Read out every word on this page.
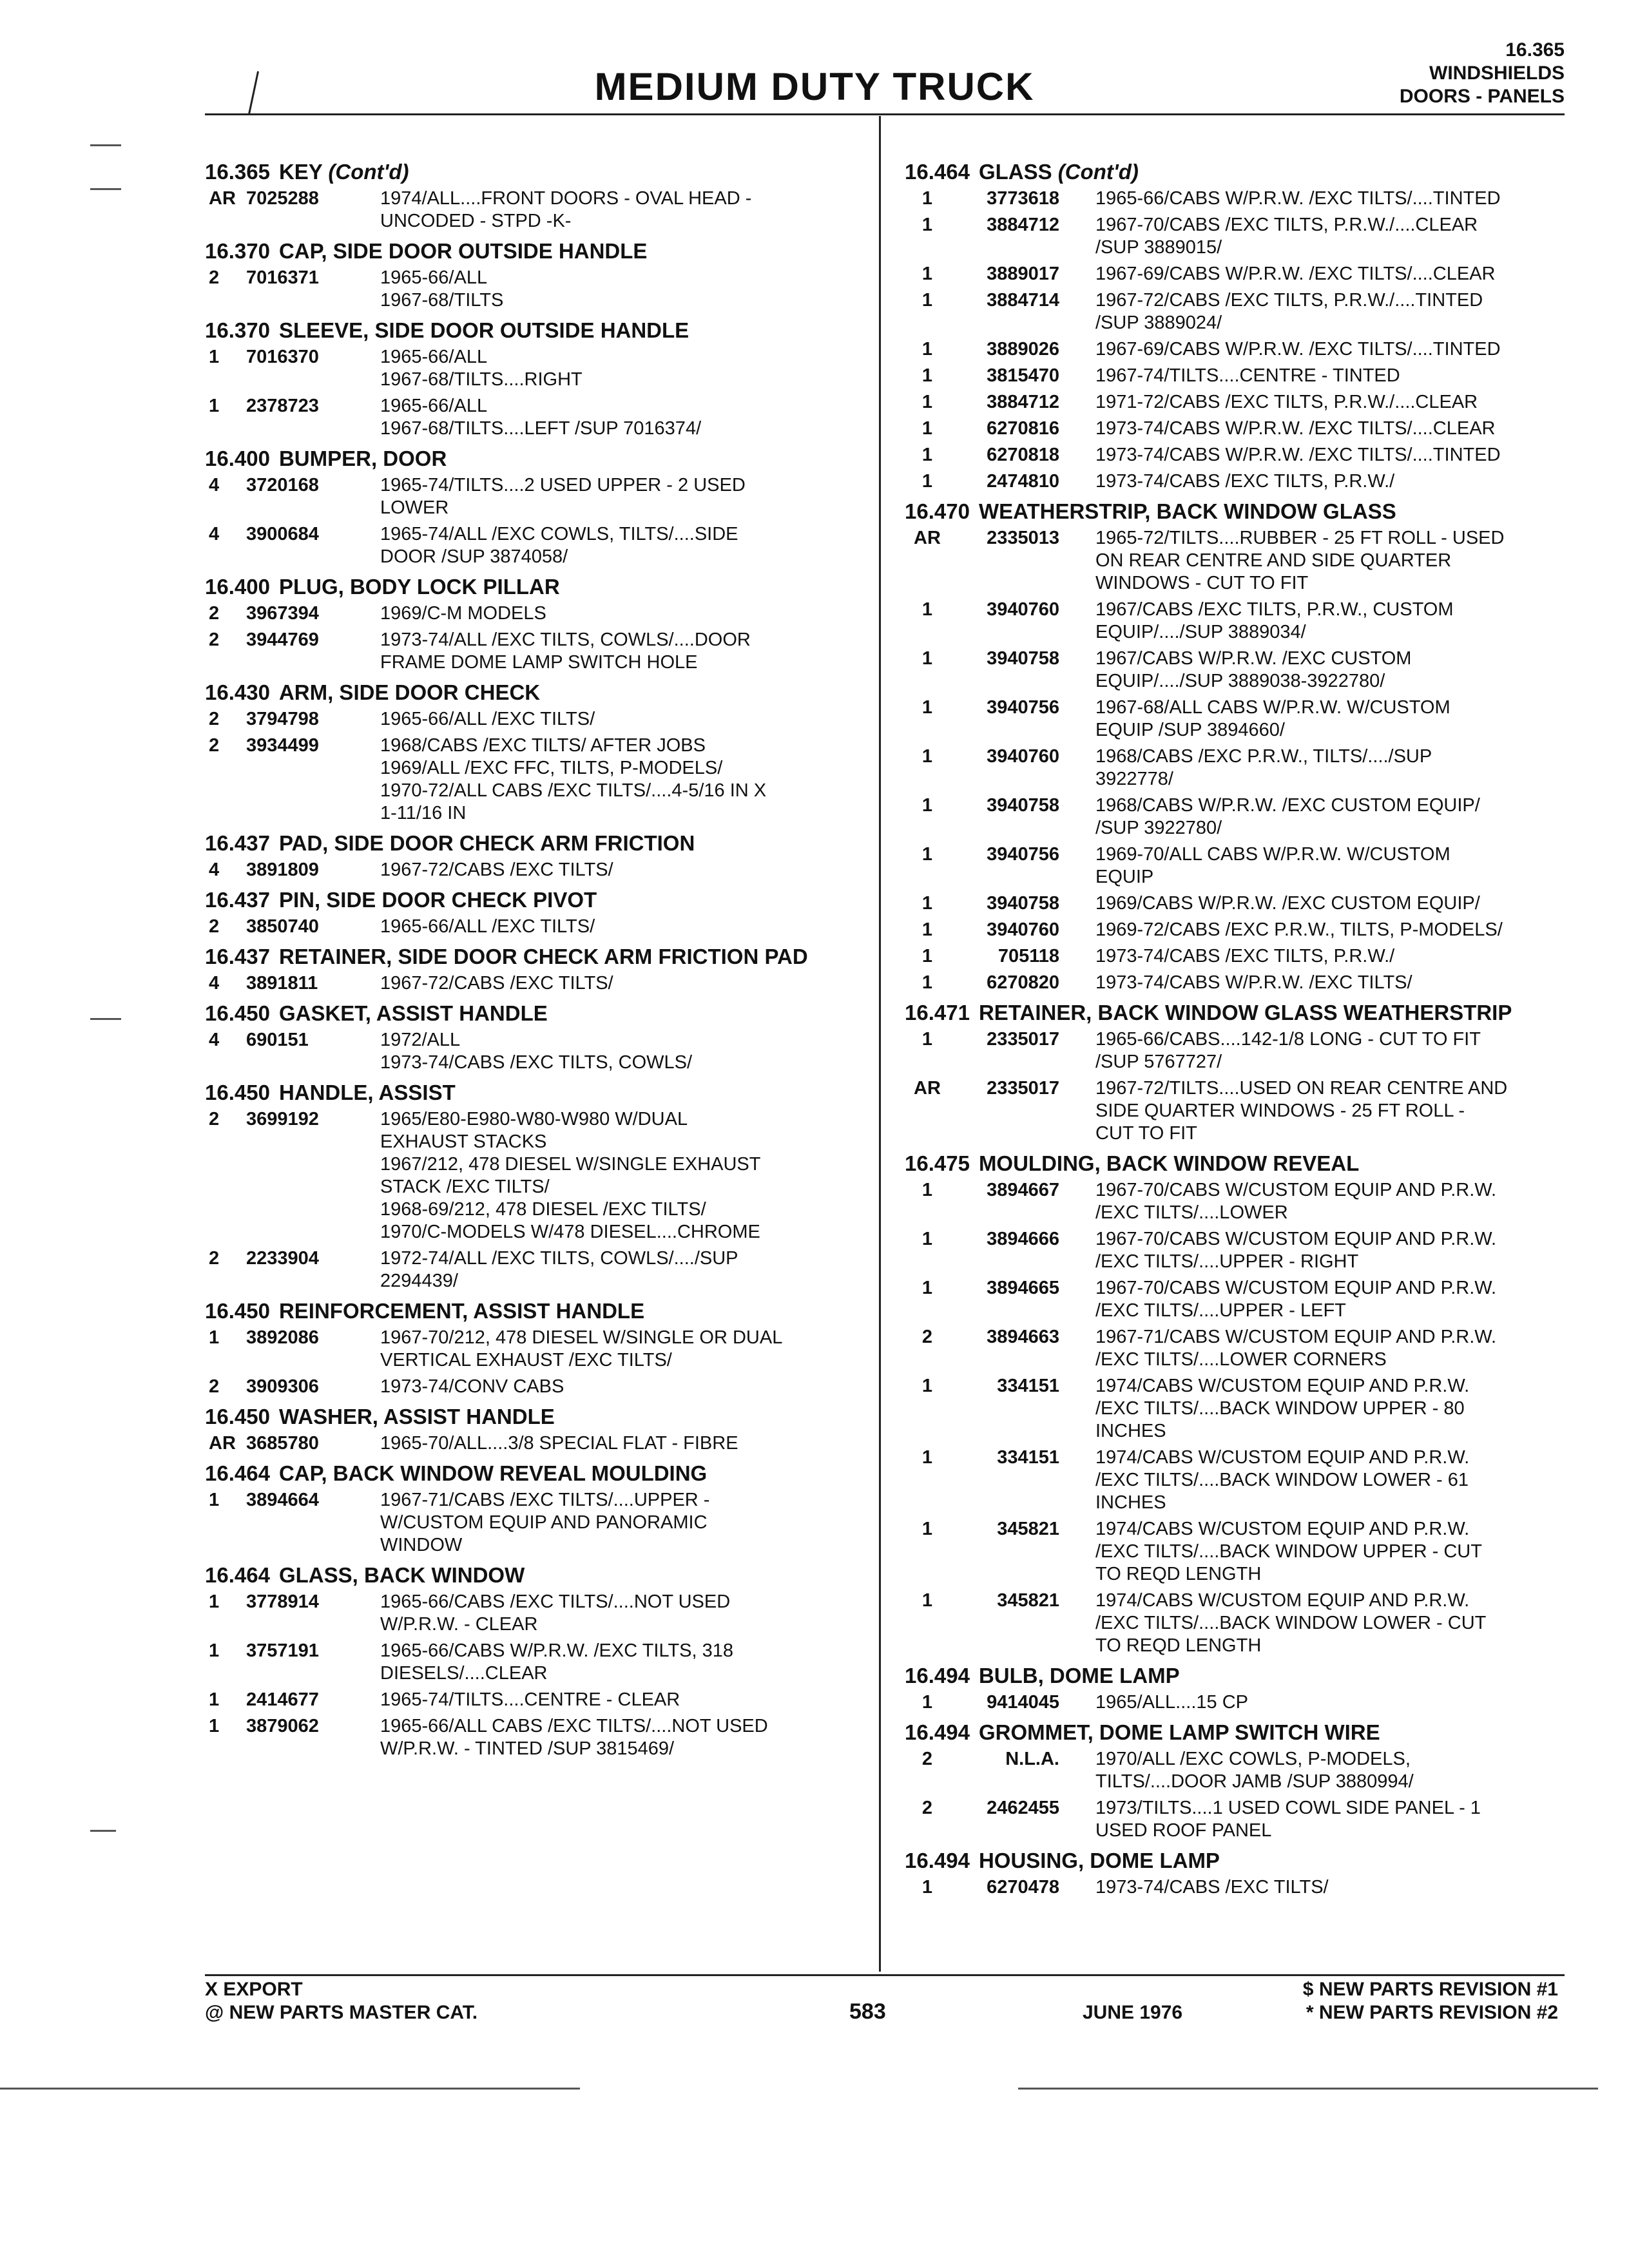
MEDIUM DUTY TRUCK
16.365
WINDSHIELDS
DOORS - PANELS
16.365 KEY (Cont'd)
AR 7025288	1974/ALL....FRONT DOORS - OVAL HEAD -
UNCODED - STPD -K-
16.370 CAP, SIDE DOOR OUTSIDE HANDLE
2	7016371	1965-66/ALL
1967-68/TILTS
16.370 SLEEVE, SIDE DOOR OUTSIDE HANDLE
1	7016370	1965-66/ALL
1967-68/TILTS....RIGHT
1	2378723	1965-66/ALL
1967-68/TILTS....LEFT /SUP 7016374/
16.400 BUMPER, DOOR
4	3720168	1965-74/TILTS....2 USED UPPER - 2 USED
LOWER
4	3900684	1965-74/ALL /EXC COWLS, TILTS/....SIDE
DOOR /SUP 3874058/
16.400 PLUG, BODY LOCK PILLAR
2	3967394	1969/C-M MODELS
2	3944769	1973-74/ALL /EXC TILTS, COWLS/....DOOR
FRAME DOME LAMP SWITCH HOLE
16.430 ARM, SIDE DOOR CHECK
2	3794798	1965-66/ALL /EXC TILTS/
2	3934499	1968/CABS /EXC TILTS/ AFTER JOBS
1969/ALL /EXC FFC, TILTS, P-MODELS/
1970-72/ALL CABS /EXC TILTS/....4-5/16 IN X
1-11/16 IN
16.437 PAD, SIDE DOOR CHECK ARM FRICTION
4	3891809	1967-72/CABS /EXC TILTS/
16.437 PIN, SIDE DOOR CHECK PIVOT
2	3850740	1965-66/ALL /EXC TILTS/
16.437 RETAINER, SIDE DOOR CHECK ARM FRICTION PAD
4	3891811	1967-72/CABS /EXC TILTS/
16.450 GASKET, ASSIST HANDLE
4	690151	1972/ALL
1973-74/CABS /EXC TILTS, COWLS/
16.450 HANDLE, ASSIST
2	3699192	1965/E80-E980-W80-W980 W/DUAL
EXHAUST STACKS
1967/212, 478 DIESEL W/SINGLE EXHAUST
STACK /EXC TILTS/
1968-69/212, 478 DIESEL /EXC TILTS/
1970/C-MODELS W/478 DIESEL....CHROME
2	2233904	1972-74/ALL /EXC TILTS, COWLS/..../SUP
2294439/
16.450 REINFORCEMENT, ASSIST HANDLE
1	3892086	1967-70/212, 478 DIESEL W/SINGLE OR DUAL
VERTICAL EXHAUST /EXC TILTS/
2	3909306	1973-74/CONV CABS
16.450 WASHER, ASSIST HANDLE
AR 3685780	1965-70/ALL....3/8 SPECIAL FLAT - FIBRE
16.464 CAP, BACK WINDOW REVEAL MOULDING
1	3894664	1967-71/CABS /EXC TILTS/....UPPER -
W/CUSTOM EQUIP AND PANORAMIC
WINDOW
16.464 GLASS, BACK WINDOW
1	3778914	1965-66/CABS /EXC TILTS/....NOT USED
W/P.R.W. - CLEAR
1	3757191	1965-66/CABS W/P.R.W. /EXC TILTS, 318
DIESELS/....CLEAR
1	2414677	1965-74/TILTS....CENTRE - CLEAR
1	3879062	1965-66/ALL CABS /EXC TILTS/....NOT USED
W/P.R.W. - TINTED /SUP 3815469/
16.464 GLASS (Cont'd)
1	3773618	1965-66/CABS W/P.R.W. /EXC TILTS/....TINTED
1	3884712	1967-70/CABS /EXC TILTS, P.R.W./....CLEAR
/SUP 3889015/
1	3889017	1967-69/CABS W/P.R.W. /EXC TILTS/....CLEAR
1	3884714	1967-72/CABS /EXC TILTS, P.R.W./....TINTED
/SUP 3889024/
1	3889026	1967-69/CABS W/P.R.W. /EXC TILTS/....TINTED
1	3815470	1967-74/TILTS....CENTRE - TINTED
1	3884712	1971-72/CABS /EXC TILTS, P.R.W./....CLEAR
1	6270816	1973-74/CABS W/P.R.W. /EXC TILTS/....CLEAR
1	6270818	1973-74/CABS W/P.R.W. /EXC TILTS/....TINTED
1	2474810	1973-74/CABS /EXC TILTS, P.R.W./
16.470 WEATHERSTRIP, BACK WINDOW GLASS
AR	2335013	1965-72/TILTS....RUBBER - 25 FT ROLL - USED
ON REAR CENTRE AND SIDE QUARTER
WINDOWS - CUT TO FIT
1	3940760	1967/CABS /EXC TILTS, P.R.W., CUSTOM
EQUIP/..../SUP 3889034/
1	3940758	1967/CABS W/P.R.W. /EXC CUSTOM
EQUIP/..../SUP 3889038-3922780/
1	3940756	1967-68/ALL CABS W/P.R.W. W/CUSTOM
EQUIP /SUP 3894660/
1	3940760	1968/CABS /EXC P.R.W., TILTS/..../SUP
3922778/
1	3940758	1968/CABS W/P.R.W. /EXC CUSTOM EQUIP/
/SUP 3922780/
1	3940756	1969-70/ALL CABS W/P.R.W. W/CUSTOM
EQUIP
1	3940758	1969/CABS W/P.R.W. /EXC CUSTOM EQUIP/
1	3940760	1969-72/CABS /EXC P.R.W., TILTS, P-MODELS/
1	705118	1973-74/CABS /EXC TILTS, P.R.W./
1	6270820	1973-74/CABS W/P.R.W. /EXC TILTS/
16.471 RETAINER, BACK WINDOW GLASS WEATHERSTRIP
1	2335017	1965-66/CABS....142-1/8 LONG - CUT TO FIT
/SUP 5767727/
AR	2335017	1967-72/TILTS....USED ON REAR CENTRE AND
SIDE QUARTER WINDOWS - 25 FT ROLL -
CUT TO FIT
16.475 MOULDING, BACK WINDOW REVEAL
1	3894667	1967-70/CABS W/CUSTOM EQUIP AND P.R.W.
/EXC TILTS/....LOWER
1	3894666	1967-70/CABS W/CUSTOM EQUIP AND P.R.W.
/EXC TILTS/....UPPER - RIGHT
1	3894665	1967-70/CABS W/CUSTOM EQUIP AND P.R.W.
/EXC TILTS/....UPPER - LEFT
2	3894663	1967-71/CABS W/CUSTOM EQUIP AND P.R.W.
/EXC TILTS/....LOWER CORNERS
1	334151	1974/CABS W/CUSTOM EQUIP AND P.R.W.
/EXC TILTS/....BACK WINDOW UPPER - 80
INCHES
1	334151	1974/CABS W/CUSTOM EQUIP AND P.R.W.
/EXC TILTS/....BACK WINDOW LOWER - 61
INCHES
1	345821	1974/CABS W/CUSTOM EQUIP AND P.R.W.
/EXC TILTS/....BACK WINDOW UPPER - CUT
TO REQD LENGTH
1	345821	1974/CABS W/CUSTOM EQUIP AND P.R.W.
/EXC TILTS/....BACK WINDOW LOWER - CUT
TO REQD LENGTH
16.494 BULB, DOME LAMP
1	9414045	1965/ALL....15 CP
16.494 GROMMET, DOME LAMP SWITCH WIRE
2	N.L.A.	1970/ALL /EXC COWLS, P-MODELS,
TILTS/....DOOR JAMB /SUP 3880994/
2	2462455	1973/TILTS....1 USED COWL SIDE PANEL - 1
USED ROOF PANEL
16.494 HOUSING, DOME LAMP
1	6270478	1973-74/CABS /EXC TILTS/
X EXPORT
@ NEW PARTS MASTER CAT.	583	JUNE 1976
$ NEW PARTS REVISION #1
* NEW PARTS REVISION #2
